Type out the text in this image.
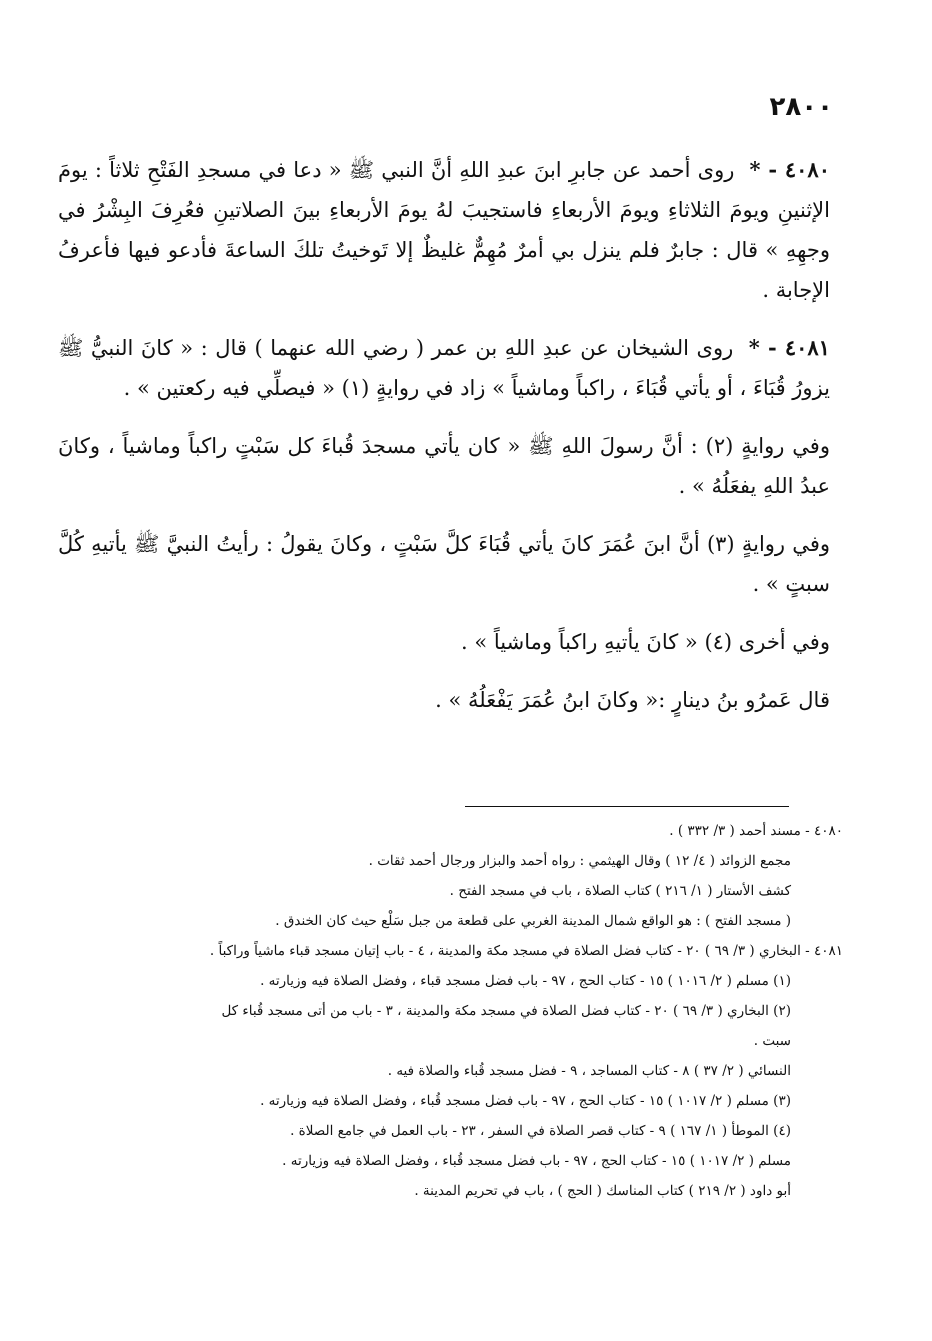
٢٨٠٠

٤٠٨٠ - * روى أحمد عن جابرِ ابنَ عبدِ اللهِ أنَّ النبي ﷺ « دعا في مسجدِ الفَتْحِ ثلاثاً : يومَ الإثنينِ ويومَ الثلاثاءِ ويومَ الأربعاءِ فاستجيبَ لهُ يومَ الأربعاءِ بينَ الصلاتينِ فعُرِفَ البِشْرُ في وجهِهِ » قال : جابرٌ فلم ينزل بي أمرٌ مُهِمٌّ غليظٌ إلا تَوخيتُ تلكَ الساعةَ فأدعو فيها فأعرفُ الإجابة .

٤٠٨١ - * روى الشيخان عن عبدِ اللهِ بن عمر ( رضي الله عنهما ) قال : « كانَ النبيُّ ﷺ يزورُ قُبَاءَ ، أو يأتي قُبَاءَ ، راكباً وماشياً » زاد في روايةٍ (١) « فيصلِّي فيه ركعتين » .

وفي روايةٍ (٢) : أنَّ رسولَ اللهِ ﷺ « كان يأتي مسجدَ قُباءَ كل سَبْتٍ راكباً وماشياً ، وكانَ عبدُ اللهِ يفعَلُهُ » .

وفي روايةٍ (٣) أنَّ ابنَ عُمَرَ كانَ يأتي قُبَاءَ كلَّ سَبْتٍ ، وكانَ يقولُ : رأيتُ النبيَّ ﷺ يأتيهِ كُلَّ سبتٍ » .

وفي أخرى (٤) « كانَ يأتيهِ راكباً وماشياً » .

قال عَمرُو بنُ دينارٍ :« وكانَ ابنُ عُمَرَ يَفْعَلُهُ » .

٤٠٨٠ - مسند أحمد ( ٣/ ٣٣٢ ) .
مجمع الزوائد ( ٤/ ١٢ ) وقال الهيثمي : رواه أحمد والبزار ورجال أحمد ثقات .
كشف الأستار ( ١/ ٢١٦ ) كتاب الصلاة ، باب في مسجد الفتح .
( مسجد الفتح ) : هو الواقع شمال المدينة الغربي على قطعة من جبل سَلْع حيث كان الخندق .
٤٠٨١ - البخاري ( ٣/ ٦٩ ) ٢٠ - كتاب فضل الصلاة في مسجد مكة والمدينة ، ٤ - باب إتيان مسجد قباء ماشياً وراكباً .
(١) مسلم ( ٢/ ١٠١٦ ) ١٥ - كتاب الحج ، ٩٧ - باب فضل مسجد قباء ، وفضل الصلاة فيه وزيارته .
(٢) البخاري ( ٣/ ٦٩ ) ٢٠ - كتاب فضل الصلاة في مسجد مكة والمدينة ، ٣ - باب من أتى مسجد قُباء كل
سبت .
النسائي ( ٢/ ٣٧ ) ٨ - كتاب المساجد ، ٩ - فضل مسجد قُباء والصلاة فيه .
(٣) مسلم ( ٢/ ١٠١٧ ) ١٥ - كتاب الحج ، ٩٧ - باب فضل مسجد قُباء ، وفضل الصلاة فيه وزيارته .
(٤) الموطأ ( ١/ ١٦٧ ) ٩ - كتاب قصر الصلاة في السفر ، ٢٣ - باب العمل في جامع الصلاة .
مسلم ( ٢/ ١٠١٧ ) ١٥ - كتاب الحج ، ٩٧ - باب فضل مسجد قُباء ، وفضل الصلاة فيه وزيارته .
أبو داود ( ٢/ ٢١٩ ) كتاب المناسك ( الحج ) ، باب في تحريم المدينة .
